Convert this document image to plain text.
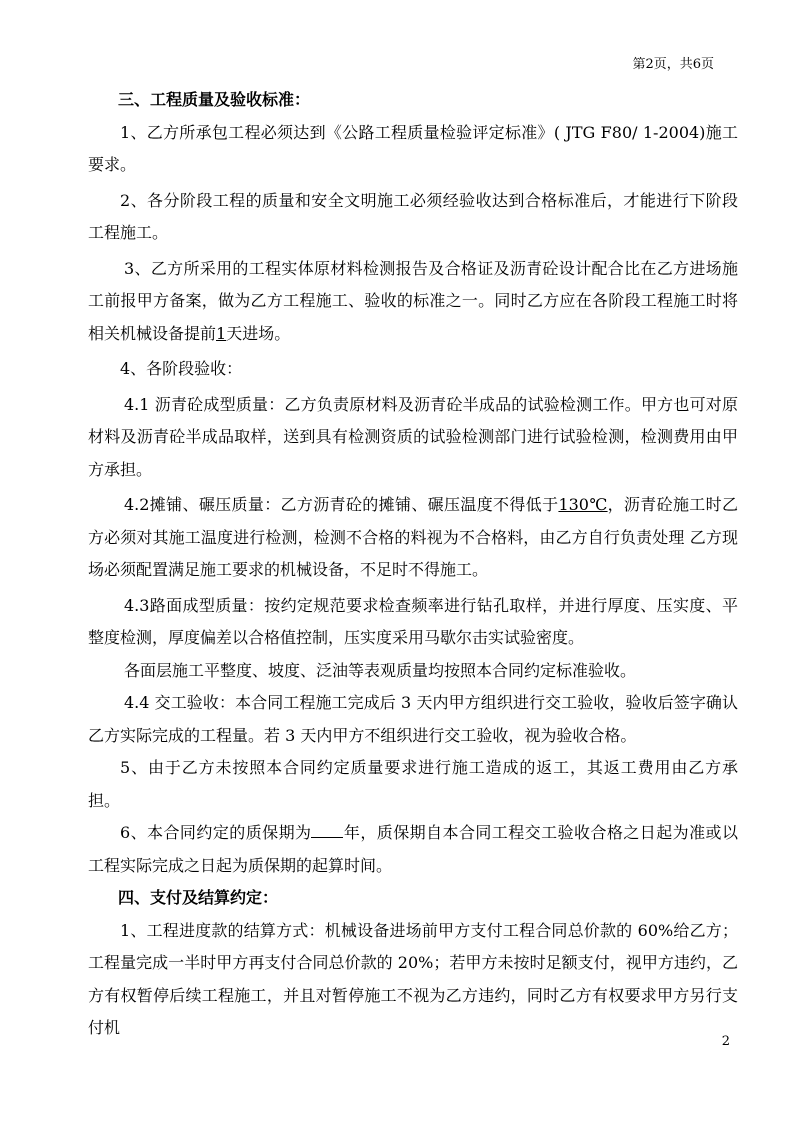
第2页，共6页

三、工程质量及验收标准：

1、乙方所承包工程必须达到《公路工程质量检验评定标准》( JTG F80/ 1-2004)施工要求。

2、各分阶段工程的质量和安全文明施工必须经验收达到合格标准后，才能进行下阶段工程施工。

3、乙方所采用的工程实体原材料检测报告及合格证及沥青砼设计配合比在乙方进场施工前报甲方备案，做为乙方工程施工、验收的标准之一。同时乙方应在各阶段工程施工时将相关机械设备提前1天进场。

4、各阶段验收：

4.1 沥青砼成型质量：乙方负责原材料及沥青砼半成品的试验检测工作。甲方也可对原材料及沥青砼半成品取样，送到具有检测资质的试验检测部门进行试验检测，检测费用由甲方承担。

4.2摊铺、碾压质量：乙方沥青砼的摊铺、碾压温度不得低于130℃，沥青砼施工时乙方必须对其施工温度进行检测，检测不合格的料视为不合格料，由乙方自行负责处理 乙方现场必须配置满足施工要求的机械设备，不足时不得施工。

4.3路面成型质量：按约定规范要求检查频率进行钻孔取样，并进行厚度、压实度、平整度检测，厚度偏差以合格值控制，压实度采用马歇尔击实试验密度。

各面层施工平整度、坡度、泛油等表观质量均按照本合同约定标准验收。

4.4 交工验收：本合同工程施工完成后 3 天内甲方组织进行交工验收，验收后签字确认乙方实际完成的工程量。若 3 天内甲方不组织进行交工验收，视为验收合格。

5、由于乙方未按照本合同约定质量要求进行施工造成的返工，其返工费用由乙方承担。

6、本合同约定的质保期为 年，质保期自本合同工程交工验收合格之日起为准或以工程实际完成之日起为质保期的起算时间。

四、支付及结算约定：

1、工程进度款的结算方式：机械设备进场前甲方支付工程合同总价款的 60%给乙方；工程量完成一半时甲方再支付合同总价款的 20%；若甲方未按时足额支付，视甲方违约，乙方有权暂停后续工程施工，并且对暂停施工不视为乙方违约，同时乙方有权要求甲方另行支付机

2
